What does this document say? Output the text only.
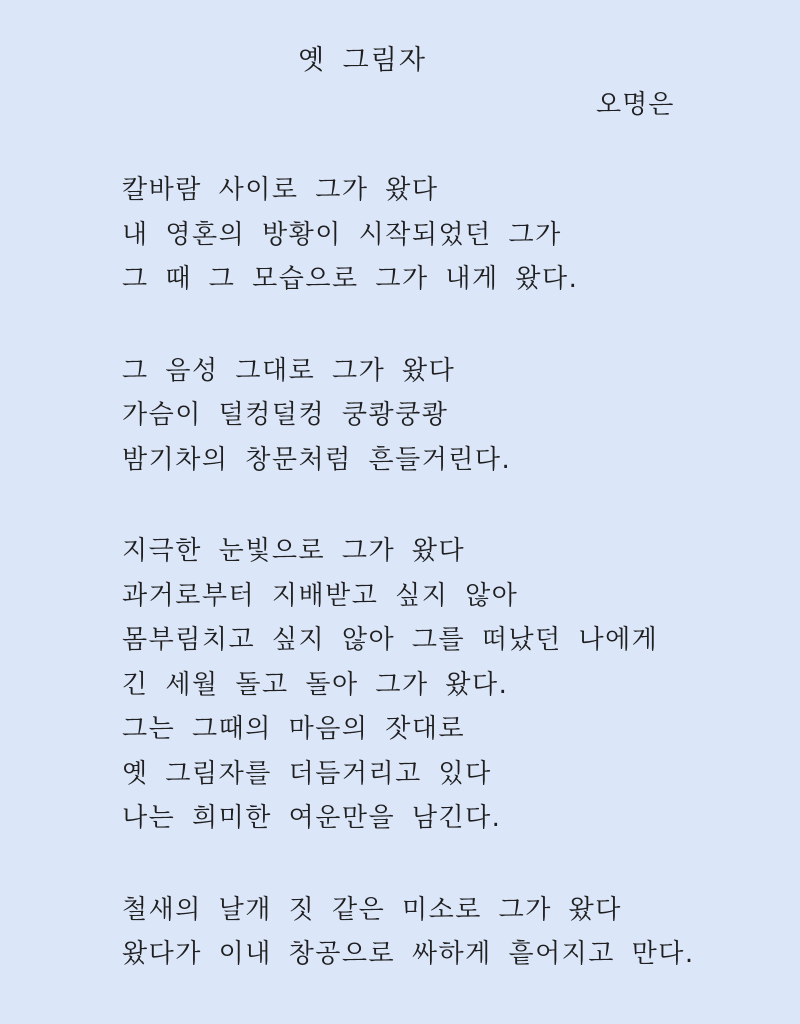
옛 그림자
오명은
칼바람 사이로 그가 왔다
내 영혼의 방황이 시작되었던 그가
그 때 그 모습으로 그가 내게 왔다.
그 음성 그대로 그가 왔다
가슴이 덜컹덜컹 쿵쾅쿵쾅
밤기차의 창문처럼 흔들거린다.
지극한 눈빛으로 그가 왔다
과거로부터 지배받고 싶지 않아
몸부림치고 싶지 않아 그를 떠났던 나에게
긴 세월 돌고 돌아 그가 왔다.
그는 그때의 마음의 잣대로
옛 그림자를 더듬거리고 있다
나는 희미한 여운만을 남긴다.
철새의 날개 짓 같은 미소로 그가 왔다
왔다가 이내 창공으로 싸하게 흩어지고 만다.
